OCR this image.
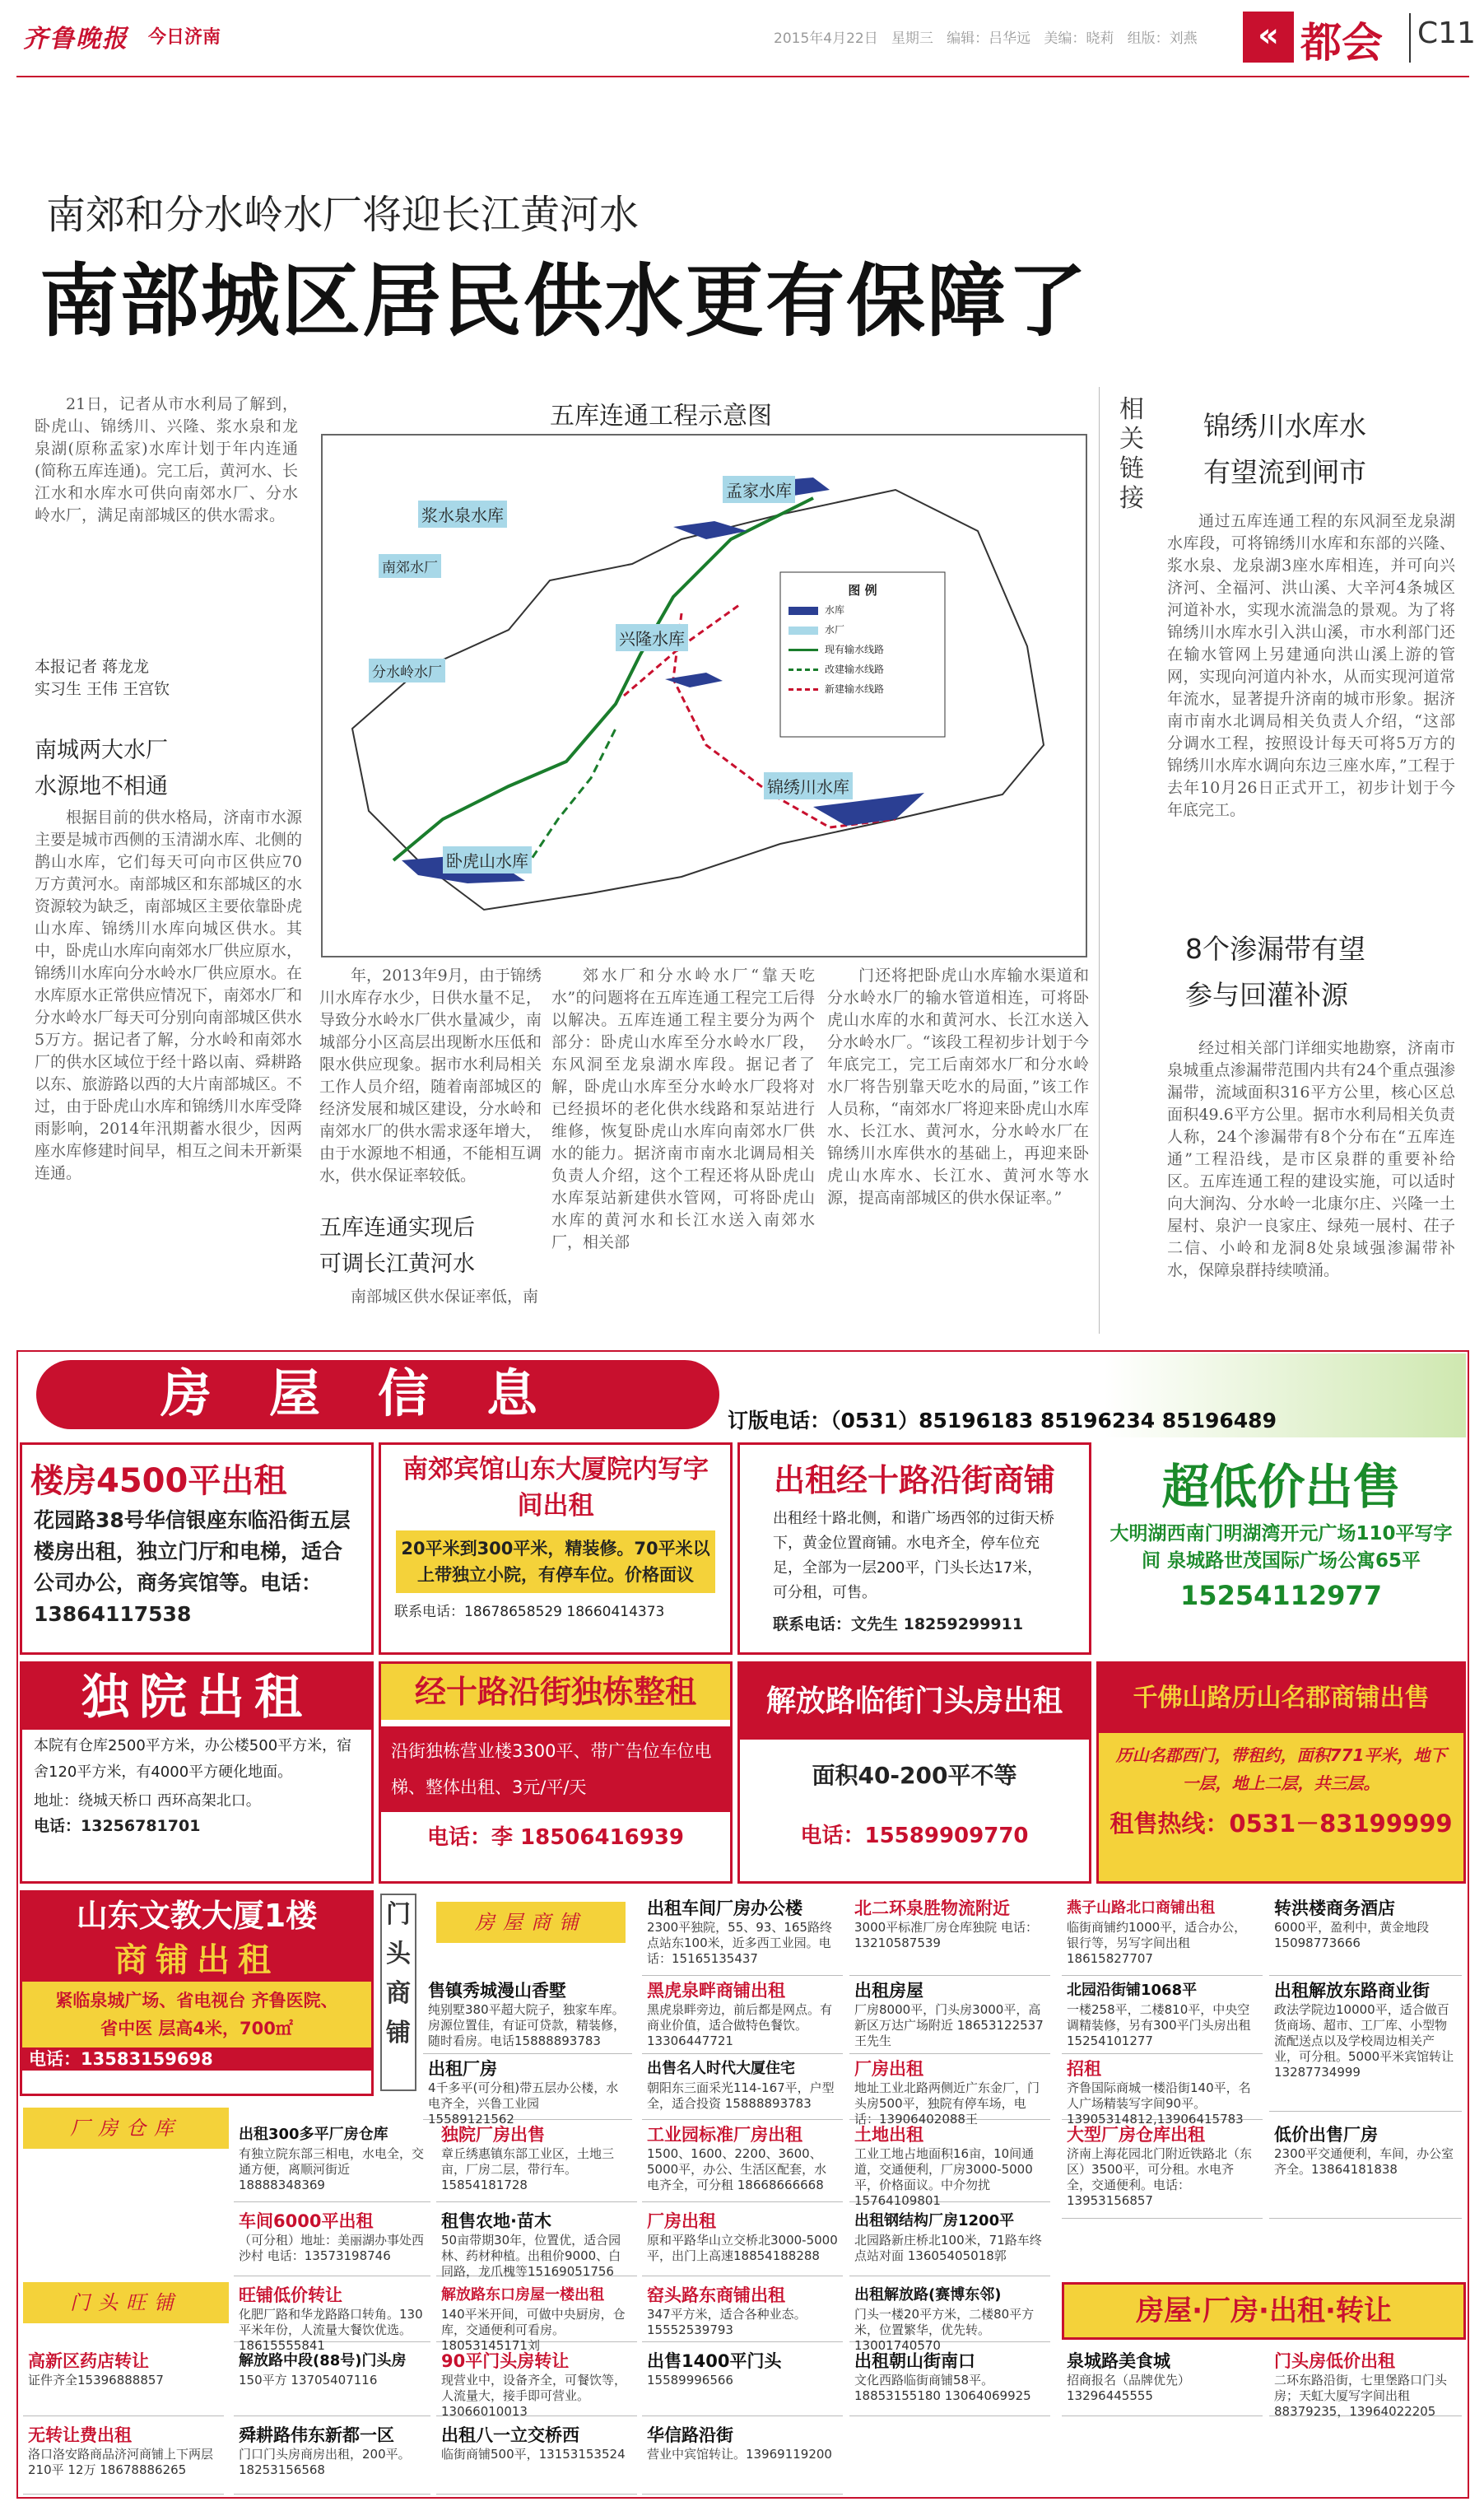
齐鲁晚报 今日济南	2015年4月22日 星期三 编辑：吕华远 美编：晓莉 组版：刘燕	« 都会 C11
南郊和分水岭水厂将迎长江黄河水
南部城区居民供水更有保障了

21日，记者从市水利局了解到，卧虎山、锦绣川、兴隆、浆水泉和龙泉湖(原称孟家)水库计划于年内连通(简称五库连通)。完工后，黄河水、长江水和水库水可供向南郊水厂、分水岭水厂，满足南部城区的供水需求。

本报记者 蒋龙龙
实习生 王伟 王宫钦
南城两大水厂
水源地不相通

根据目前的供水格局，济南市水源主要是城市西侧的玉清湖水库、北侧的鹊山水库，它们每天可向市区供应70万方黄河水。南部城区和东部城区的水资源较为缺乏，南部城区主要依靠卧虎山水库、锦绣川水库向城区供水。其中，卧虎山水库向南郊水厂供应原水，锦绣川水库向分水岭水厂供应原水。在水库原水正常供应情况下，南郊水厂和分水岭水厂每天可分别向南部城区供水5万方。据记者了解，分水岭和南郊水厂的供水区域位于经十路以南、舜耕路以东、旅游路以西的大片南部城区。不过，由于卧虎山水库和锦绣川水库受降雨影响，2014年汛期蓄水很少，因两座水库修建时间早，相互之间未开新渠连通。

五库连通工程示意图
浆水泉水库
孟家水库
南郊水厂
兴隆水库
分水岭水厂
锦绣川水库
卧虎山水库
图 例
水库
水厂
现有输水线路
改建输水线路
新建输水线路

年，2013年9月，由于锦绣川水库存水少，日供水量不足，导致分水岭水厂供水量减少，南城部分小区高层出现断水压低和限水供应现象。据市水利局相关工作人员介绍，随着南部城区的经济发展和城区建设，分水岭和南郊水厂的供水需求逐年增大，由于水源地不相通，不能相互调水，供水保证率较低。

五库连通实现后
可调长江黄河水

南部城区供水保证率低，南

郊水厂和分水岭水厂“靠天吃水”的问题将在五库连通工程完工后得以解决。五库连通工程主要分为两个部分：卧虎山水库至分水岭水厂段，东风洞至龙泉湖水库段。据记者了解，卧虎山水库至分水岭水厂段将对已经损坏的老化供水线路和泵站进行维修，恢复卧虎山水库向南郊水厂供水的能力。据济南市南水北调局相关负责人介绍，这个工程还将从卧虎山水库泵站新建供水管网，可将卧虎山水库的黄河水和长江水送入南郊水厂，相关部

门还将把卧虎山水库输水渠道和分水岭水厂的输水管道相连，可将卧虎山水库的水和黄河水、长江水送入分水岭水厂。“该段工程初步计划于今年底完工，完工后南郊水厂和分水岭水厂将告别靠天吃水的局面，”该工作人员称，“南郊水厂将迎来卧虎山水库水、长江水、黄河水，分水岭水厂在锦绣川水库供水的基础上，再迎来卧虎山水库水、长江水、黄河水等水源，提高南部城区的供水保证率。”

相关链接
锦绣川水库水
有望流到闸市

通过五库连通工程的东风洞至龙泉湖水库段，可将锦绣川水库和东部的兴隆、浆水泉、龙泉湖3座水库相连，并可向兴济河、全福河、洪山溪、大辛河4条城区河道补水，实现水流湍急的景观。为了将锦绣川水库水引入洪山溪，市水利部门还在输水管网上另建通向洪山溪上游的管网，实现向河道内补水，从而实现河道常年流水，显著提升济南的城市形象。据济南市南水北调局相关负责人介绍，“这部分调水工程，按照设计每天可将5万方的锦绣川水库水调向东边三座水库，”工程于去年10月26日正式开工，初步计划于今年底完工。

8个渗漏带有望
参与回灌补源

经过相关部门详细实地勘察，济南市泉城重点渗漏带范围内共有24个重点强渗漏带，流域面积316平方公里，核心区总面积49.6平方公里。据市水利局相关负责人称，24个渗漏带有8个分布在“五库连通”工程沿线，是市区泉群的重要补给区。五库连通工程的建设实施，可以适时向大涧沟、分水岭一北康尔庄、兴隆一土屋村、泉沪一良家庄、绿苑一展村、茌子二信、小岭和龙洞8处泉域强渗漏带补水，保障泉群持续喷涌。

房屋信息	订版电话：（0531）85196183 85196234 85196489
楼房4500平出租
花园路38号华信银座东临沿街五层楼房出租，独立门厅和电梯，适合公司办公，商务宾馆等。电话：13864117538
南郊宾馆山东大厦院内写字间出租
20平米到300平米，精装修。70平米以上带独立小院，有停车位。价格面议
联系电话：18678658529 18660414373
出租经十路沿街商铺
出租经十路北侧，和谐广场西邻的过街天桥下，黄金位置商铺。水电齐全，停车位充足，全部为一层200平，门头长达17米，可分租，可售。
联系电话：文先生 18259299911
超低价出售
大明湖西南门明湖湾开元广场110平写字间 泉城路世茂国际广场公寓65平
15254112977
独院出租
本院有仓库2500平方米，办公楼500平方米，宿舍120平方米，有4000平方硬化地面。
地址：绕城天桥口 西环高架北口。
电话：13256781701
经十路沿街独栋整租
沿街独栋营业楼3300平、带广告位车位电梯、整体出租、3元/平/天
电话：李 18506416939
解放路临街门头房出租
面积40-200平不等
电话：15589909770
千佛山路历山名郡商铺出售
历山名郡西门，带租约，面积771平米，地下一层，地上二层，共三层。
租售热线：0531－83199999
山东文教大厦1楼
商铺出租
紧临泉城广场、省电视台 齐鲁医院、省中医 层高4米，700㎡
电话：13583159698
门头商铺
房屋商铺
厂房仓库
门头旺铺	房屋·厂房·出租·转让
出租车间厂房办公楼
2300平独院，55、93、165路终点站东100米，近多西工业园。电话：15165135437
北二环泉胜物流附近
3000平标准厂房仓库独院 电话：13210587539
燕子山路北口商铺出租
临街商铺约1000平，适合办公，银行等，另写字间出租 18615827707
转洪楼商务酒店
6000平，盈利中，黄金地段15098773666
售镇秀城漫山香墅
纯别墅380平超大院子，独家车库。房源位置佳，有证可贷款，精装修，随时看房。电话15888893783
黑虎泉畔商铺出租
黑虎泉畔旁边，前后都是网点。有商业价值，适合做特色餐饮。13306447721
出租房屋
厂房8000平，门头房3000平，高新区万达广场附近 18653122537王先生
北园沿街铺1068平
一楼258平，二楼810平，中央空调精装修，另有300平门头房出租 15254101277
出租解放东路商业街
政法学院边10000平，适合做百货商场、超市、工厂库、小型物流配送点以及学校周边相关产业，可分租。5000平米宾馆转让 13287734999
出租厂房
4千多平(可分租)带五层办公楼，水电齐全，兴鲁工业园 15589121562
出售名人时代大厦住宅
朝阳东三面采光114-167平，户型全，适合投资 15888893783
厂房出租
地址工业北路两侧近广东金厂，门头房500平，独院有停车场，电话：13906402088王
招租
齐鲁国际商城一楼沿街140平，名人广场精装写字间90平。13905314812,13906415783
出租300多平厂房仓库
有独立院东部三相电，水电全，交通方便，离顺河街近 18888348369
独院厂房出售
章丘绣惠镇东部工业区，土地三亩，厂房二层，带行车。15854181728
工业园标准厂房出租
1500、1600、2200、3600、5000平，办公、生活区配套，水电齐全，可分租 18668666668
土地出租
工业工地占地面积16亩，10间通道，交通便利，厂房3000-5000平，价格面议。中介勿扰15764109801
大型厂房仓库出租
济南上海花园北门附近铁路北（东区）3500平，可分租。水电齐全，交通便利。电话：13953156857
低价出售厂房
2300平交通便利，车间，办公室齐全。13864181838
车间6000平出租
（可分租）地址：美丽湖办事处西沙村 电话：13573198746
租售农地·苗木
50亩带期30年，位置优，适合园林、药材种植。出租价9000、白同路，龙爪槐等15169051756
厂房出租
原和平路华山立交桥北3000-5000平，出门上高速18854188288
出租钢结构厂房1200平
北园路新庄桥北100米，71路车终点站对面 13605405018郭
旺铺低价转让
化肥厂路和华龙路路口转角。130平米年份，人流量大餐饮优选。18615555841
解放路东口房屋一楼出租
140平米开间，可做中央厨房，仓库，交通便利可看房。18053145171刘
窑头路东商铺出租
347平方米，适合各种业态。15552539793
出租解放路(赛博东邻)
门头一楼20平方米，二楼80平方米，位置繁华，优先转。13001740570
高新区药店转让
证件齐全15396888857
解放路中段(88号)门头房
150平方 13705407116
90平门头房转让
现营业中，设备齐全，可餐饮等，人流量大，接手即可营业。13066010013
出售1400平门头
15589996566
出租朝山街南口
文化西路临街商铺58平。 18853155180 13064069925
泉城路美食城
招商报名（品牌优先） 13296445555
门头房低价出租
二环东路沿街，七里堡路口门头房；天虹大厦写字间出租 88379235，13964022205
无转让费出租
洛口洛安路商品济河商铺上下两层 210平 12万 18678886265
舜耕路伟东新都一区
门口门头房商房出租，200平。18253156568
出租八一立交桥西
临街商铺500平，13153153524
华信路沿街
营业中宾馆转让。13969119200
